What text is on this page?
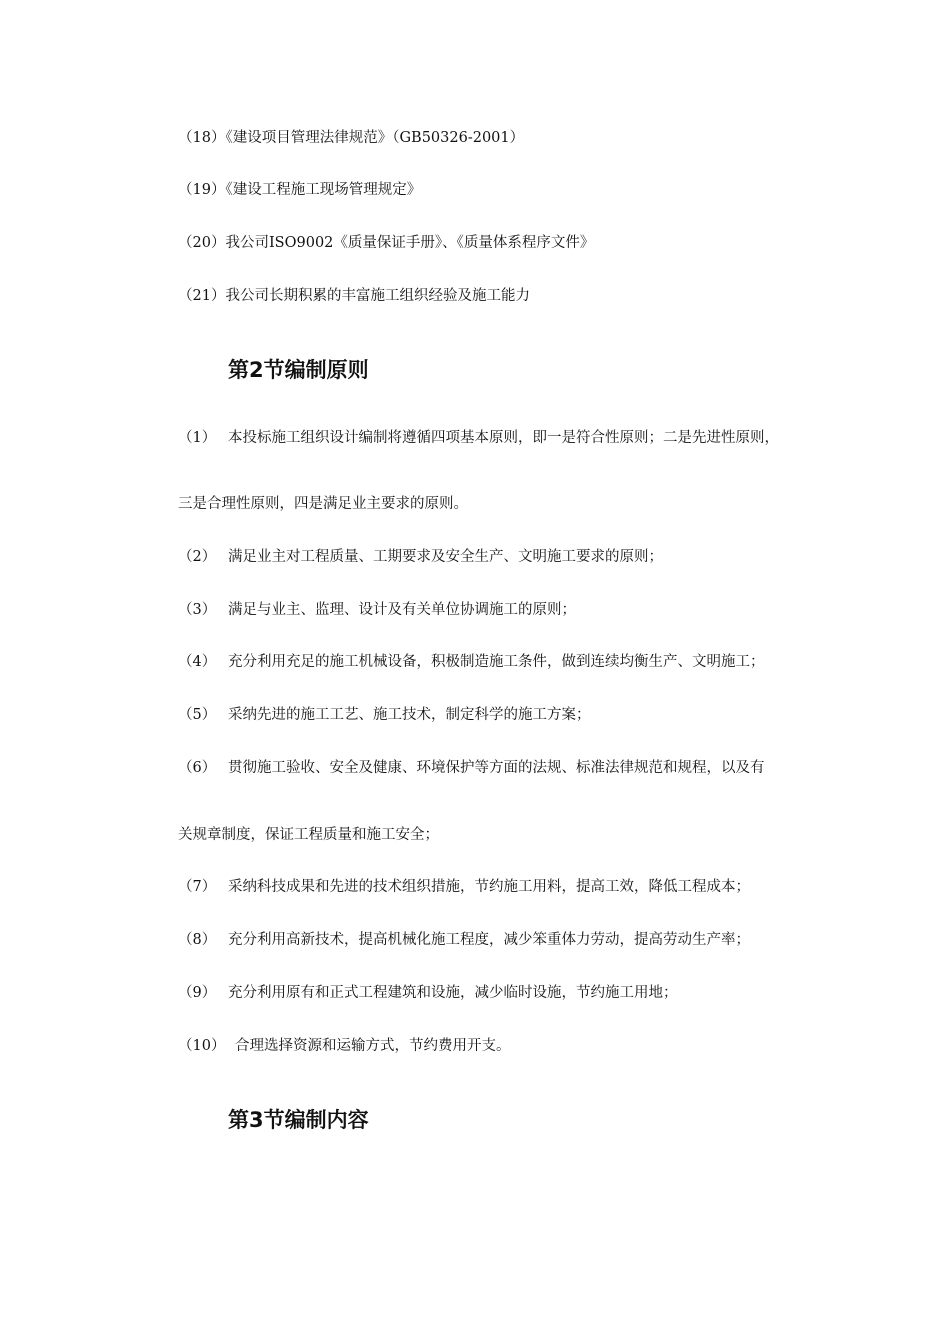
（18）《建设项目管理法律规范》（GB50326-2001）
（19）《建设工程施工现场管理规定》
（20）我公司ISO9002《质量保证手册》、《质量体系程序文件》
（21）我公司长期积累的丰富施工组织经验及施工能力
第2节编制原则
（1） 本投标施工组织设计编制将遵循四项基本原则，即一是符合性原则；二是先进性原则，
三是合理性原则，四是满足业主要求的原则。
（2） 满足业主对工程质量、工期要求及安全生产、文明施工要求的原则；
（3） 满足与业主、监理、设计及有关单位协调施工的原则；
（4） 充分利用充足的施工机械设备，积极制造施工条件，做到连续均衡生产、文明施工；
（5） 采纳先进的施工工艺、施工技术，制定科学的施工方案；
（6） 贯彻施工验收、安全及健康、环境保护等方面的法规、标准法律规范和规程，以及有
关规章制度，保证工程质量和施工安全；
（7） 采纳科技成果和先进的技术组织措施，节约施工用料，提高工效，降低工程成本；
（8） 充分利用高新技术，提高机械化施工程度，减少笨重体力劳动，提高劳动生产率；
（9） 充分利用原有和正式工程建筑和设施，减少临时设施，节约施工用地；
（10） 合理选择资源和运输方式，节约费用开支。
第3节编制内容
